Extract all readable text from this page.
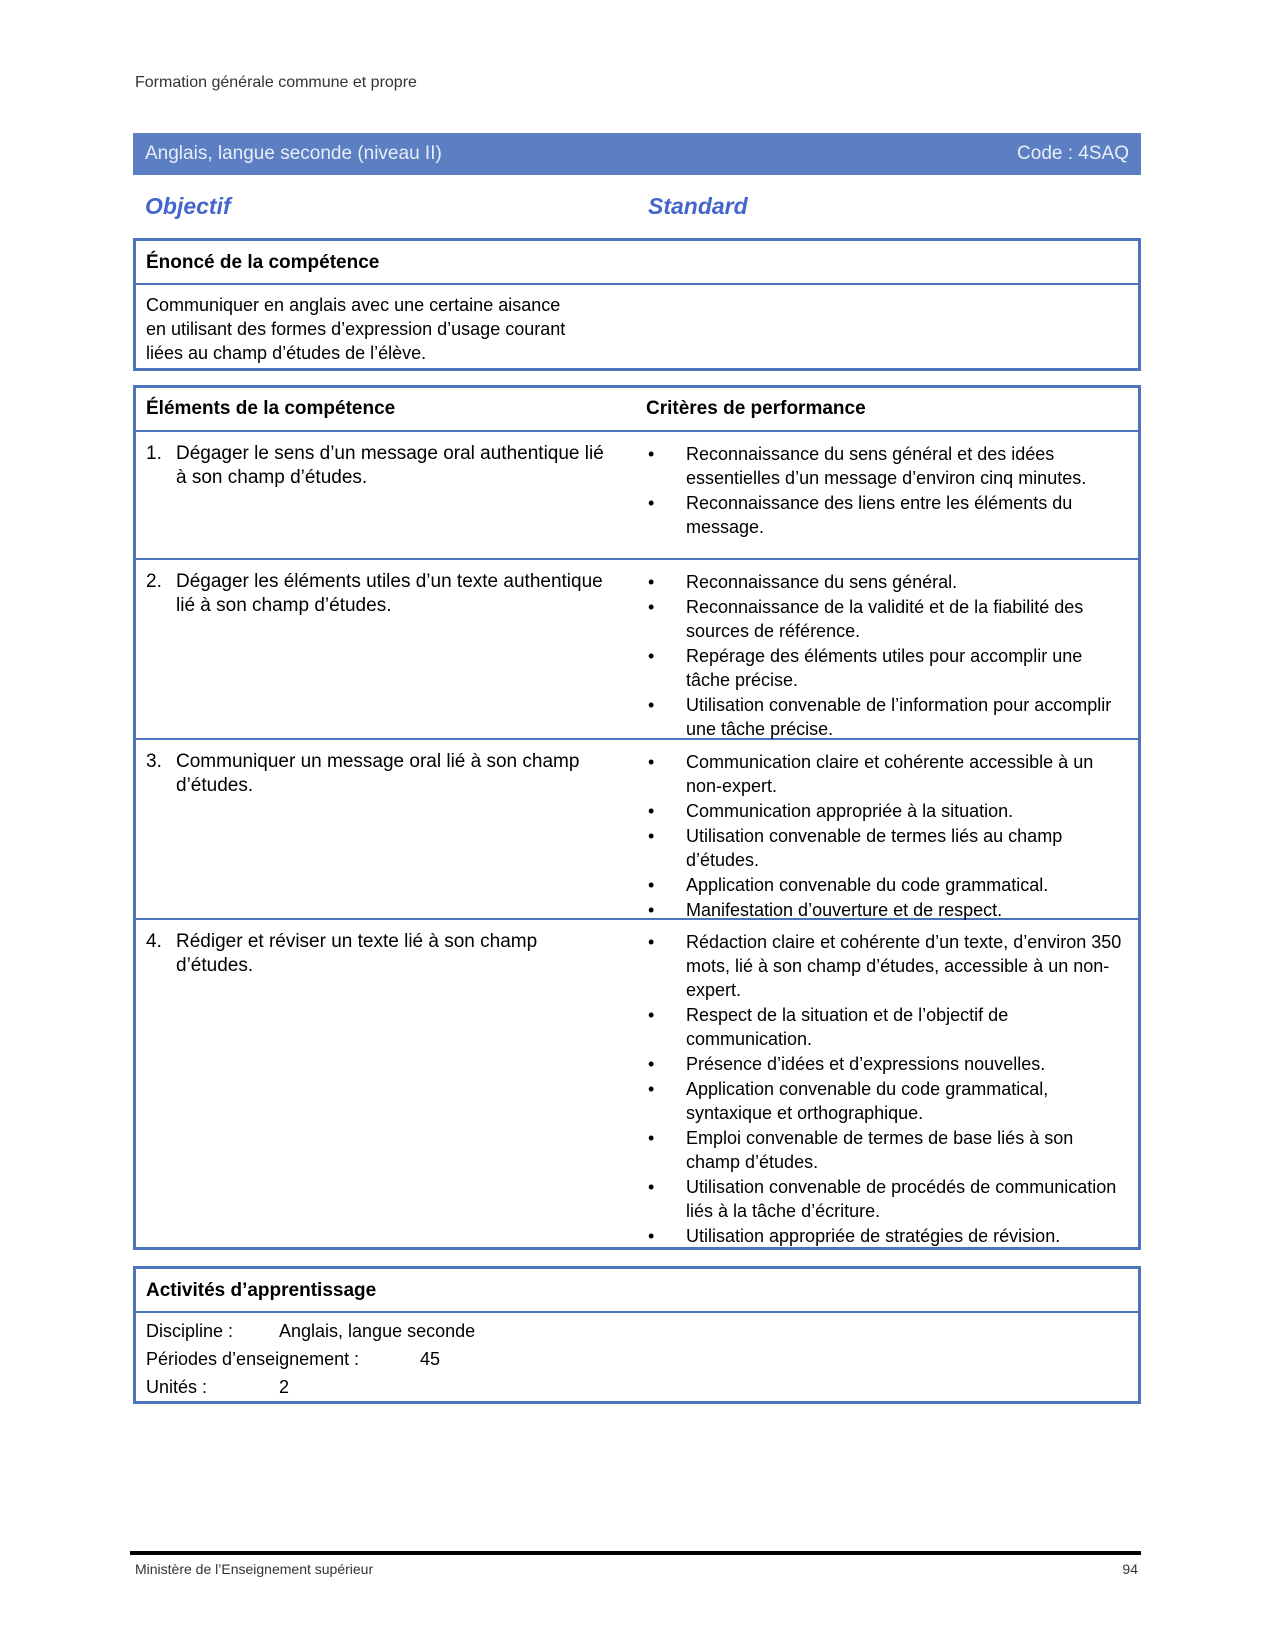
Formation générale commune et propre
Anglais, langue seconde (niveau II)	Code : 4SAQ
Objectif	Standard
Énoncé de la compétence
Communiquer en anglais avec une certaine aisance
en utilisant des formes d’expression d’usage courant
liées au champ d’études de l’élève.
Éléments de la compétence	Critères de performance
1. Dégager le sens d’un message oral authentique lié à son champ d’études.
•	Reconnaissance du sens général et des idées essentielles d’un message d’environ cinq minutes.
•	Reconnaissance des liens entre les éléments du message.
2. Dégager les éléments utiles d’un texte authentique lié à son champ d’études.
•	Reconnaissance du sens général.
•	Reconnaissance de la validité et de la fiabilité des sources de référence.
•	Repérage des éléments utiles pour accomplir une tâche précise.
•	Utilisation convenable de l’information pour accomplir une tâche précise.
3. Communiquer un message oral lié à son champ d’études.
•	Communication claire et cohérente accessible à un non-expert.
•	Communication appropriée à la situation.
•	Utilisation convenable de termes liés au champ d’études.
•	Application convenable du code grammatical.
•	Manifestation d’ouverture et de respect.
4. Rédiger et réviser un texte lié à son champ d’études.
•	Rédaction claire et cohérente d’un texte, d’environ 350 mots, lié à son champ d’études, accessible à un non-expert.
•	Respect de la situation et de l’objectif de communication.
•	Présence d’idées et d’expressions nouvelles.
•	Application convenable du code grammatical, syntaxique et orthographique.
•	Emploi convenable de termes de base liés à son champ d’études.
•	Utilisation convenable de procédés de communication liés à la tâche d’écriture.
•	Utilisation appropriée de stratégies de révision.
Activités d’apprentissage
Discipline :	Anglais, langue seconde
Périodes d’enseignement :	45
Unités :	2
Ministère de l’Enseignement supérieur	94
